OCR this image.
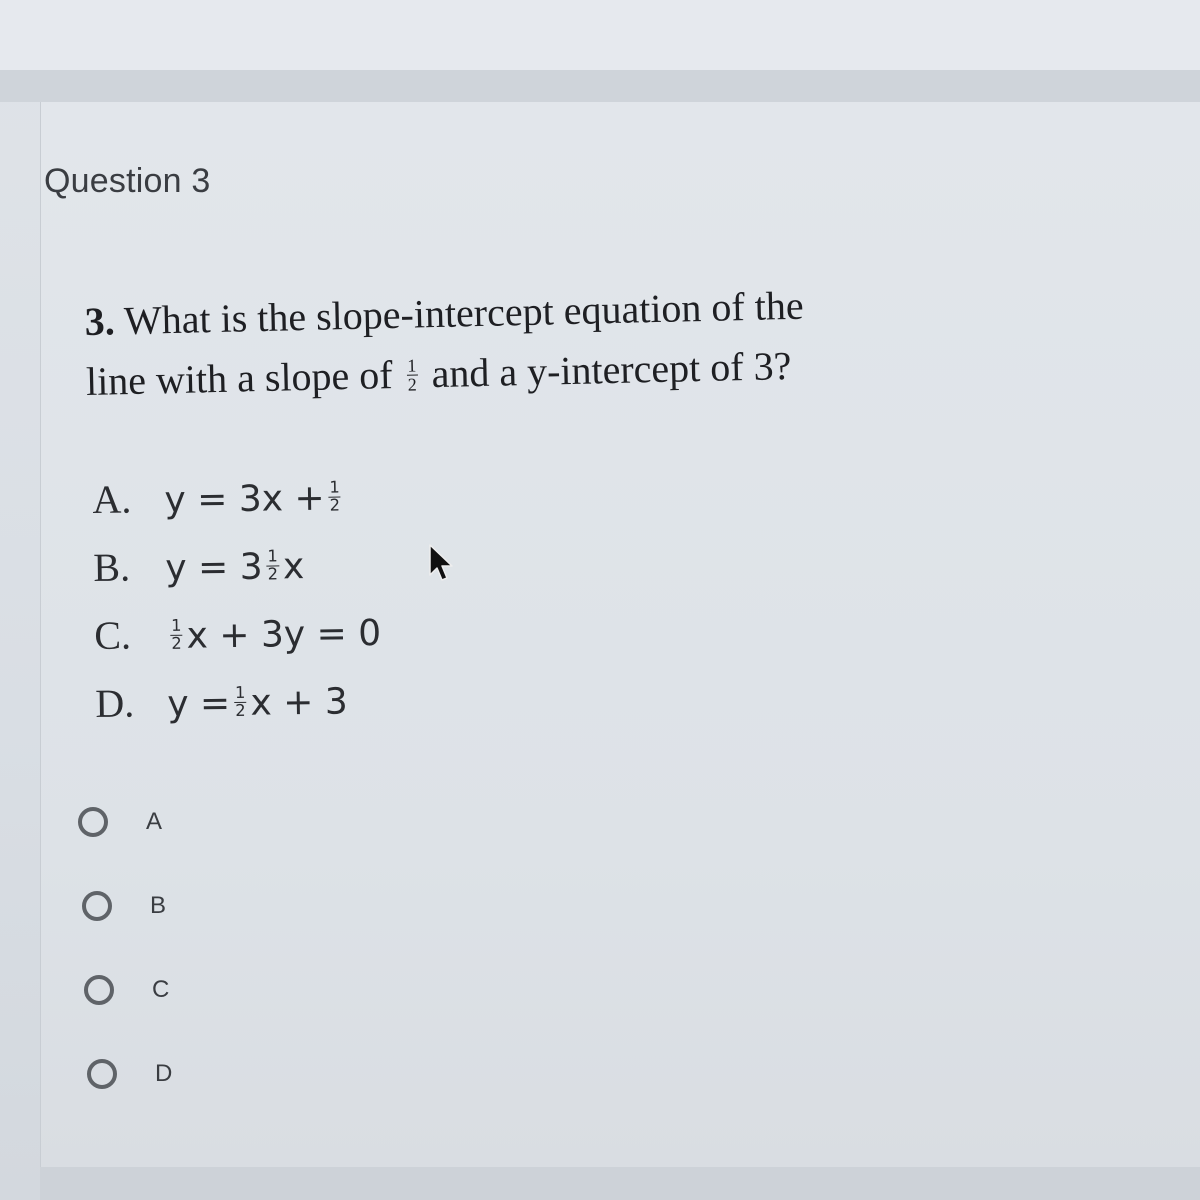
Question 3
3. What is the slope-intercept equation of the
line with a slope of $\frac{1}{2}$ and a y-intercept of 3?
A. $y = 3x + \frac{1}{2}$
B. $y = 3 \frac{1}{2}$ x
C. $\frac{1}{2}$ x + 3y = 0
D. $y = \frac{1}{2}$ x + 3
A
B
C
D
